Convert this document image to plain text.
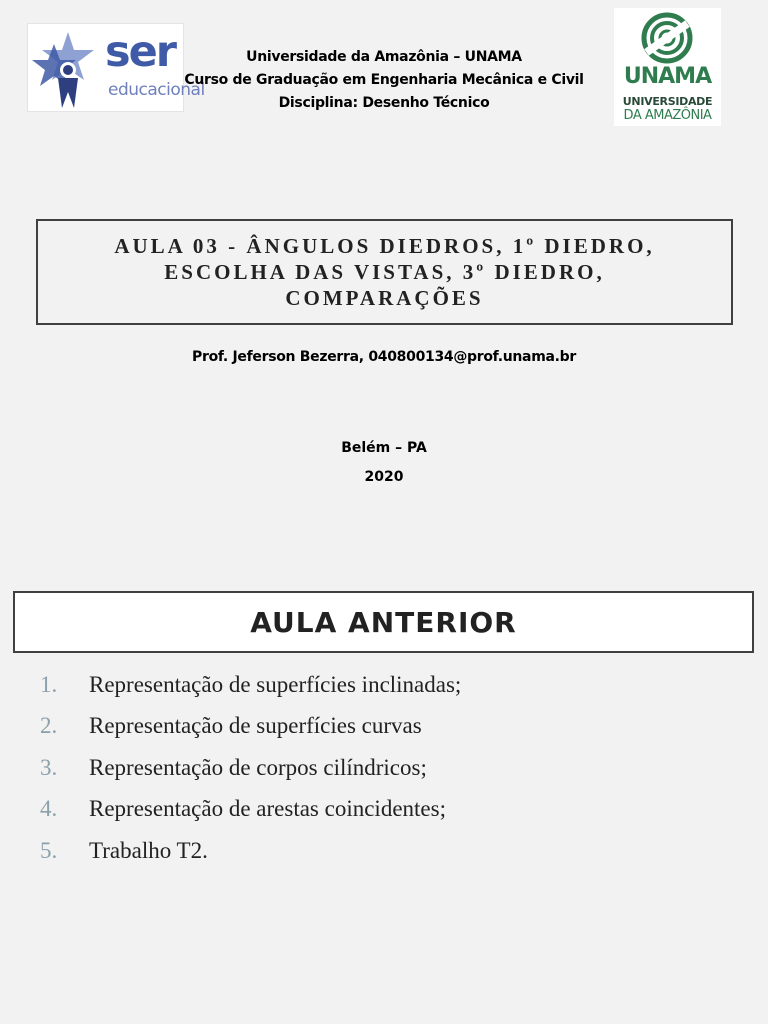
ser
educacional
Universidade da Amazônia – UNAMA
Curso de Graduação em Engenharia Mecânica e Civil
Disciplina: Desenho Técnico
UNAMA
UNIVERSIDADE
DA AMAZÔNIA
AULA 03 - ÂNGULOS DIEDROS, 1º DIEDRO,
ESCOLHA DAS VISTAS, 3º DIEDRO,
COMPARAÇÕES
Prof. Jeferson Bezerra, 040800134@prof.unama.br
Belém – PA
2020
AULA ANTERIOR
1.	Representação de superfícies inclinadas;
2.	Representação de superfícies curvas
3.	Representação de corpos cilíndricos;
4.	Representação de arestas coincidentes;
5.	Trabalho T2.
